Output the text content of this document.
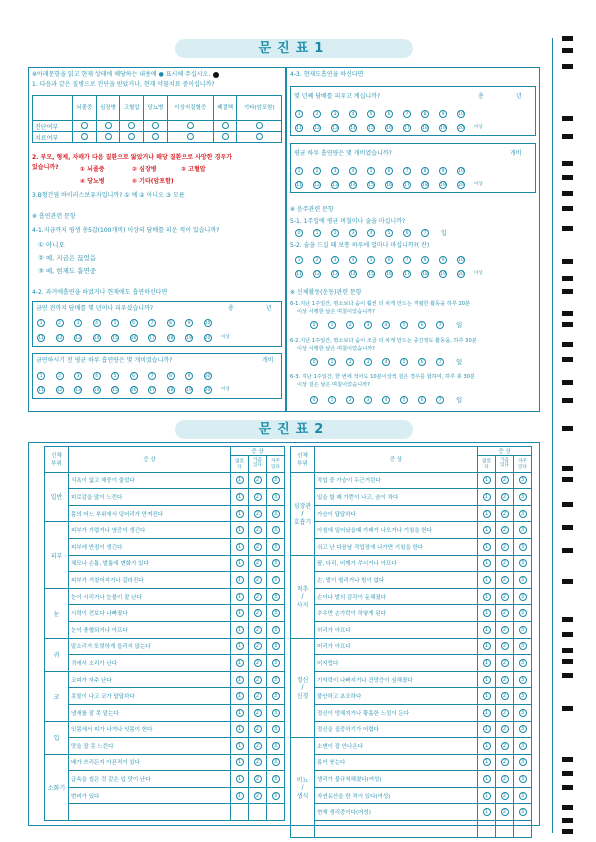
문진표1
※아래문항을 읽고 현재 상태에 해당하는 내용에 ● 표시해 주십시오.
1. 다음과 같은 질병으로 진단을 받았거나, 현재 약물치료 중이십니까?
	뇌졸중	심장병	고혈압	당뇨병	이상지질혈증	폐결핵	기타(암포함)
진단여부							
치료여부							
2. 부모, 형제, 자매가 다음 질환으로 앓았거나 해당 질환으로 사망한 경우가
있습니까?	① 뇌졸중	② 심장병	③ 고혈압
④ 당뇨병	⑤ 기타(암포함)
3.B형간염 바이러스보유자입니까? ① 예 ② 아니오 ③ 모름
※ 흡연관련 문항
4-1.지금까지 평생 총5갑(100개비) 이상의 담배를 피운 적이 있습니까?
① 아니오
② 예, 지금은 끊었음
③ 예, 현재도 흡연중
4-2. 과거에흡연을 하였거나 현재에도 흡연하신다면
금연 전까지 담배를 몇 년이나 피우셨습니까?	총	년
1	2	3	4	5	6	7	8	9	10
11	12	13	14	15	16	17	18	19	20 이상
금연하시기 전 평균 하루 흡연량은 몇 개비였습니까?	개비
1	2	3	4	5	6	7	8	9	10
11	12	13	14	15	16	17	18	19	20 이상
4-3. 현재도흡연을 하신다면
몇 년째 담배를 피우고 계십니까?	총	년
1	2	3	4	5	6	7	8	9	10
11	12	13	14	15	16	17	18	19	20 이상
평균 하루 흡연량은 몇 개비였습니까?	개비
1	2	3	4	5	6	7	8	9	10
11	12	13	14	15	16	17	18	19	20 이상
※ 음주관련 문항
5-1. 1주일에 평균 며칠이나 술을 마십니까?
0	1	2	3	4	5	6	7	일
5-2. 술을 드실 때 보통 하루에 얼마나 마십니까?( 잔)
1	2	3	4	5	6	7	8	9	10
11	12	13	14	15	16	17	18	19	20 이상
※ 신체활동(운동)관련 문항
6-1.지난 1주일간, 평소보다 숨이 훨씬 더 차게 만드는 격렬한 활동을 하루 20분
이상 시행한 날은 며칠이었습니까?
0	1	2	3	4	5	6	7	일
6-2.지난 1주일간, 평소보다 숨이 조금 더 차게 만드는 중간정도 활동을, 하루 30분
이상 시행한 날은 며칠이었습니까?
0	1	2	3	4	5	6	7	일
6-3. 지난 1주일간, 한 번에 적어도 10분이상씩 걸은 경우를 합하여, 하루 총 30분
이상 걸은 날은 며칠이었습니까?
0	1	2	3	4	5	6	7	일
문진표2
신체
부위	증 상	증 상		
		없었다	가끔 있다	자주 있다
일반	식욕이 없고 체중이 줄었다	1	2	3
	피로감을 많이 느낀다	1	2	3
	몸의 어느 부위에서 덩어리가 만져진다	1	2	3
피부	피부가 가렵거나 염증이 생긴다	1	2	3
	피부에 반점이 생긴다	1	2	3
	체모나 손톱, 발톱에 변화가 있다	1	2	3
	피부가 거칠어지거나 갈라진다	1	2	3
눈	눈이 시리거나 눈물이 잘 난다	1	2	3
	시력이 전보다 나빠졌다	1	2	3
	눈이 충혈되거나 아프다	1	2	3
귀	말소리가 또렷하게 들리지 않는다	1	2	3
	귀에서 소리가 난다	1	2	3
코	코피가 자주 난다	1	2	3
	콧물이 나고 코가 답답하다	1	2	3
	냄새를 잘 못 맡는다	1	2	3
입	잇몸에서 피가 나거나 잇몸이 헌다	1	2	3
	맛을 잘 못 느낀다	1	2	3
소화기	배가 쓰리든지 아픈적이 있다	1	2	3
	급속을 씹은 것 같은 입 맛이 난다	1	2	3
	변비가 있다	1	2	3

신체
부위	증 상	증 상		
		없었다	가끔 있다	자주 있다
심장관
/
호흡기	작업 중 가슴이 두근거린다	1	2	3
	일을 할 때 가쁜이 나고, 숨이 차다	1	2	3
	가슴이 답답하다	1	2	3
	아침에 일어났을때 가래가 나오거나 기침을 한다	1	2	3
	쉬고 난 다음날 작업장에 나가면 기침을 한다	1	2	3
척추
/
사지	팔, 다리, 어깨가 쑤시거나 아프다	1	2	3
	손, 발이 떨리거나 힘이 없다	1	2	3
	손이나 발의 감각이 둔해졌다	1	2	3
	추우면 손가락이 하얗게 된다	1	2	3
	허리가 아프다	1	2	3
정신
/
신경	머리가 아프다	1	2	3
	어지럽다	1	2	3
	기억력이 나빠지거나 건망증이 심해졌다	1	2	3
	불안하고 초조하다	1	2	3
	정신이 멍해지거나 황홀한 느낌이 든다	1	2	3
	정신을 집중하기가 어렵다	1	2	3
비뇨
/
생식	소변이 잘 안나온다	1	2	3
	몸이 붓는다	1	2	3
	생리가 불규칙해졌다(여성)	1	2	3
	자연유산을 한 적이 있다(여성)	1	2	3
	현재 생리중이다(여성)	1	2	3
